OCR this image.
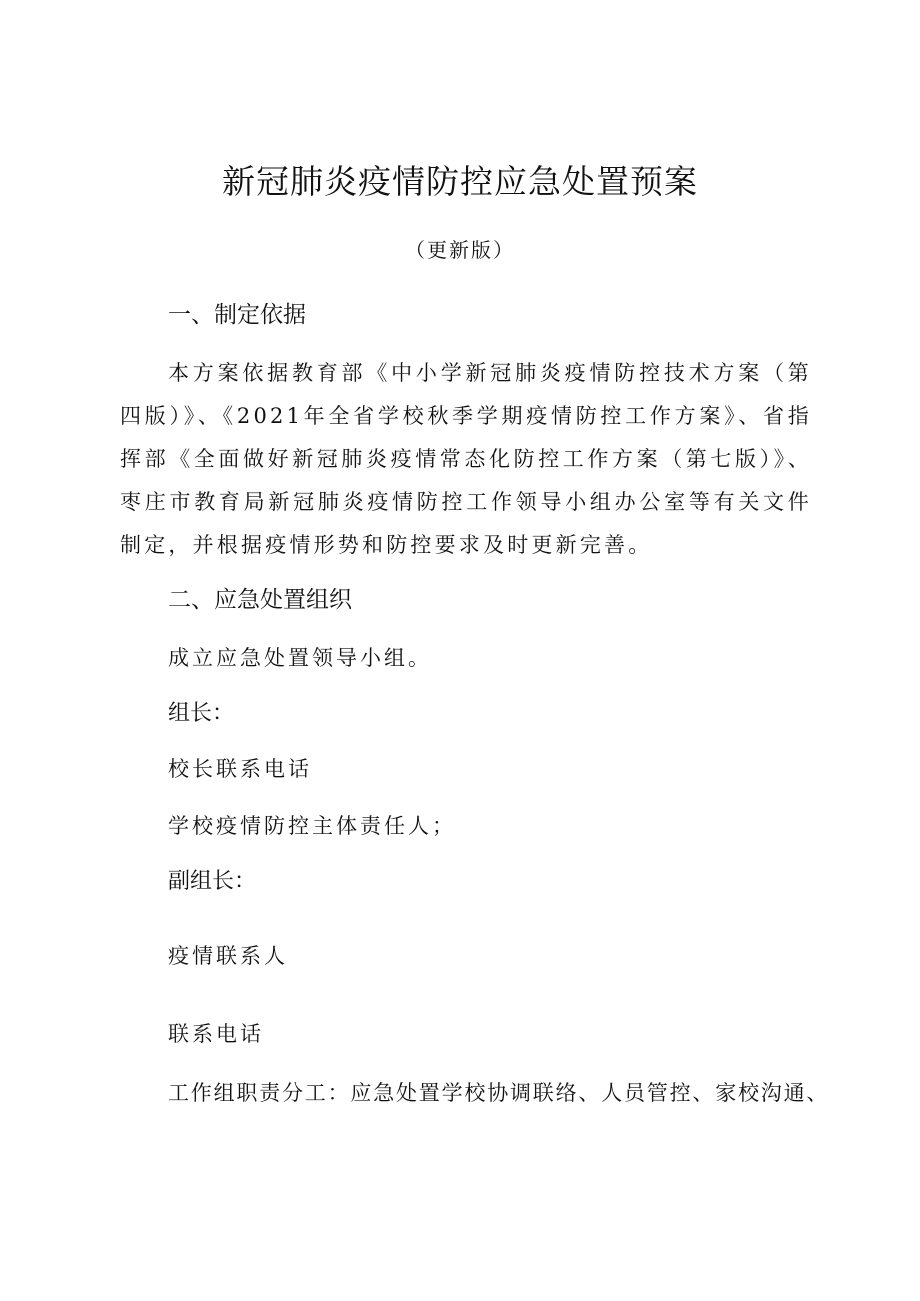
新冠肺炎疫情防控应急处置预案
（更新版）
一、制定依据
本方案依据教育部《中小学新冠肺炎疫情防控技术方案（第四版）》、《2021年全省学校秋季学期疫情防控工作方案》、省指挥部《全面做好新冠肺炎疫情常态化防控工作方案（第七版）》、枣庄市教育局新冠肺炎疫情防控工作领导小组办公室等有关文件制定，并根据疫情形势和防控要求及时更新完善。
二、应急处置组织
成立应急处置领导小组。
组长：
校长联系电话
学校疫情防控主体责任人；
副组长：
疫情联系人
联系电话
工作组职责分工：应急处置学校协调联络、人员管控、家校沟通、
